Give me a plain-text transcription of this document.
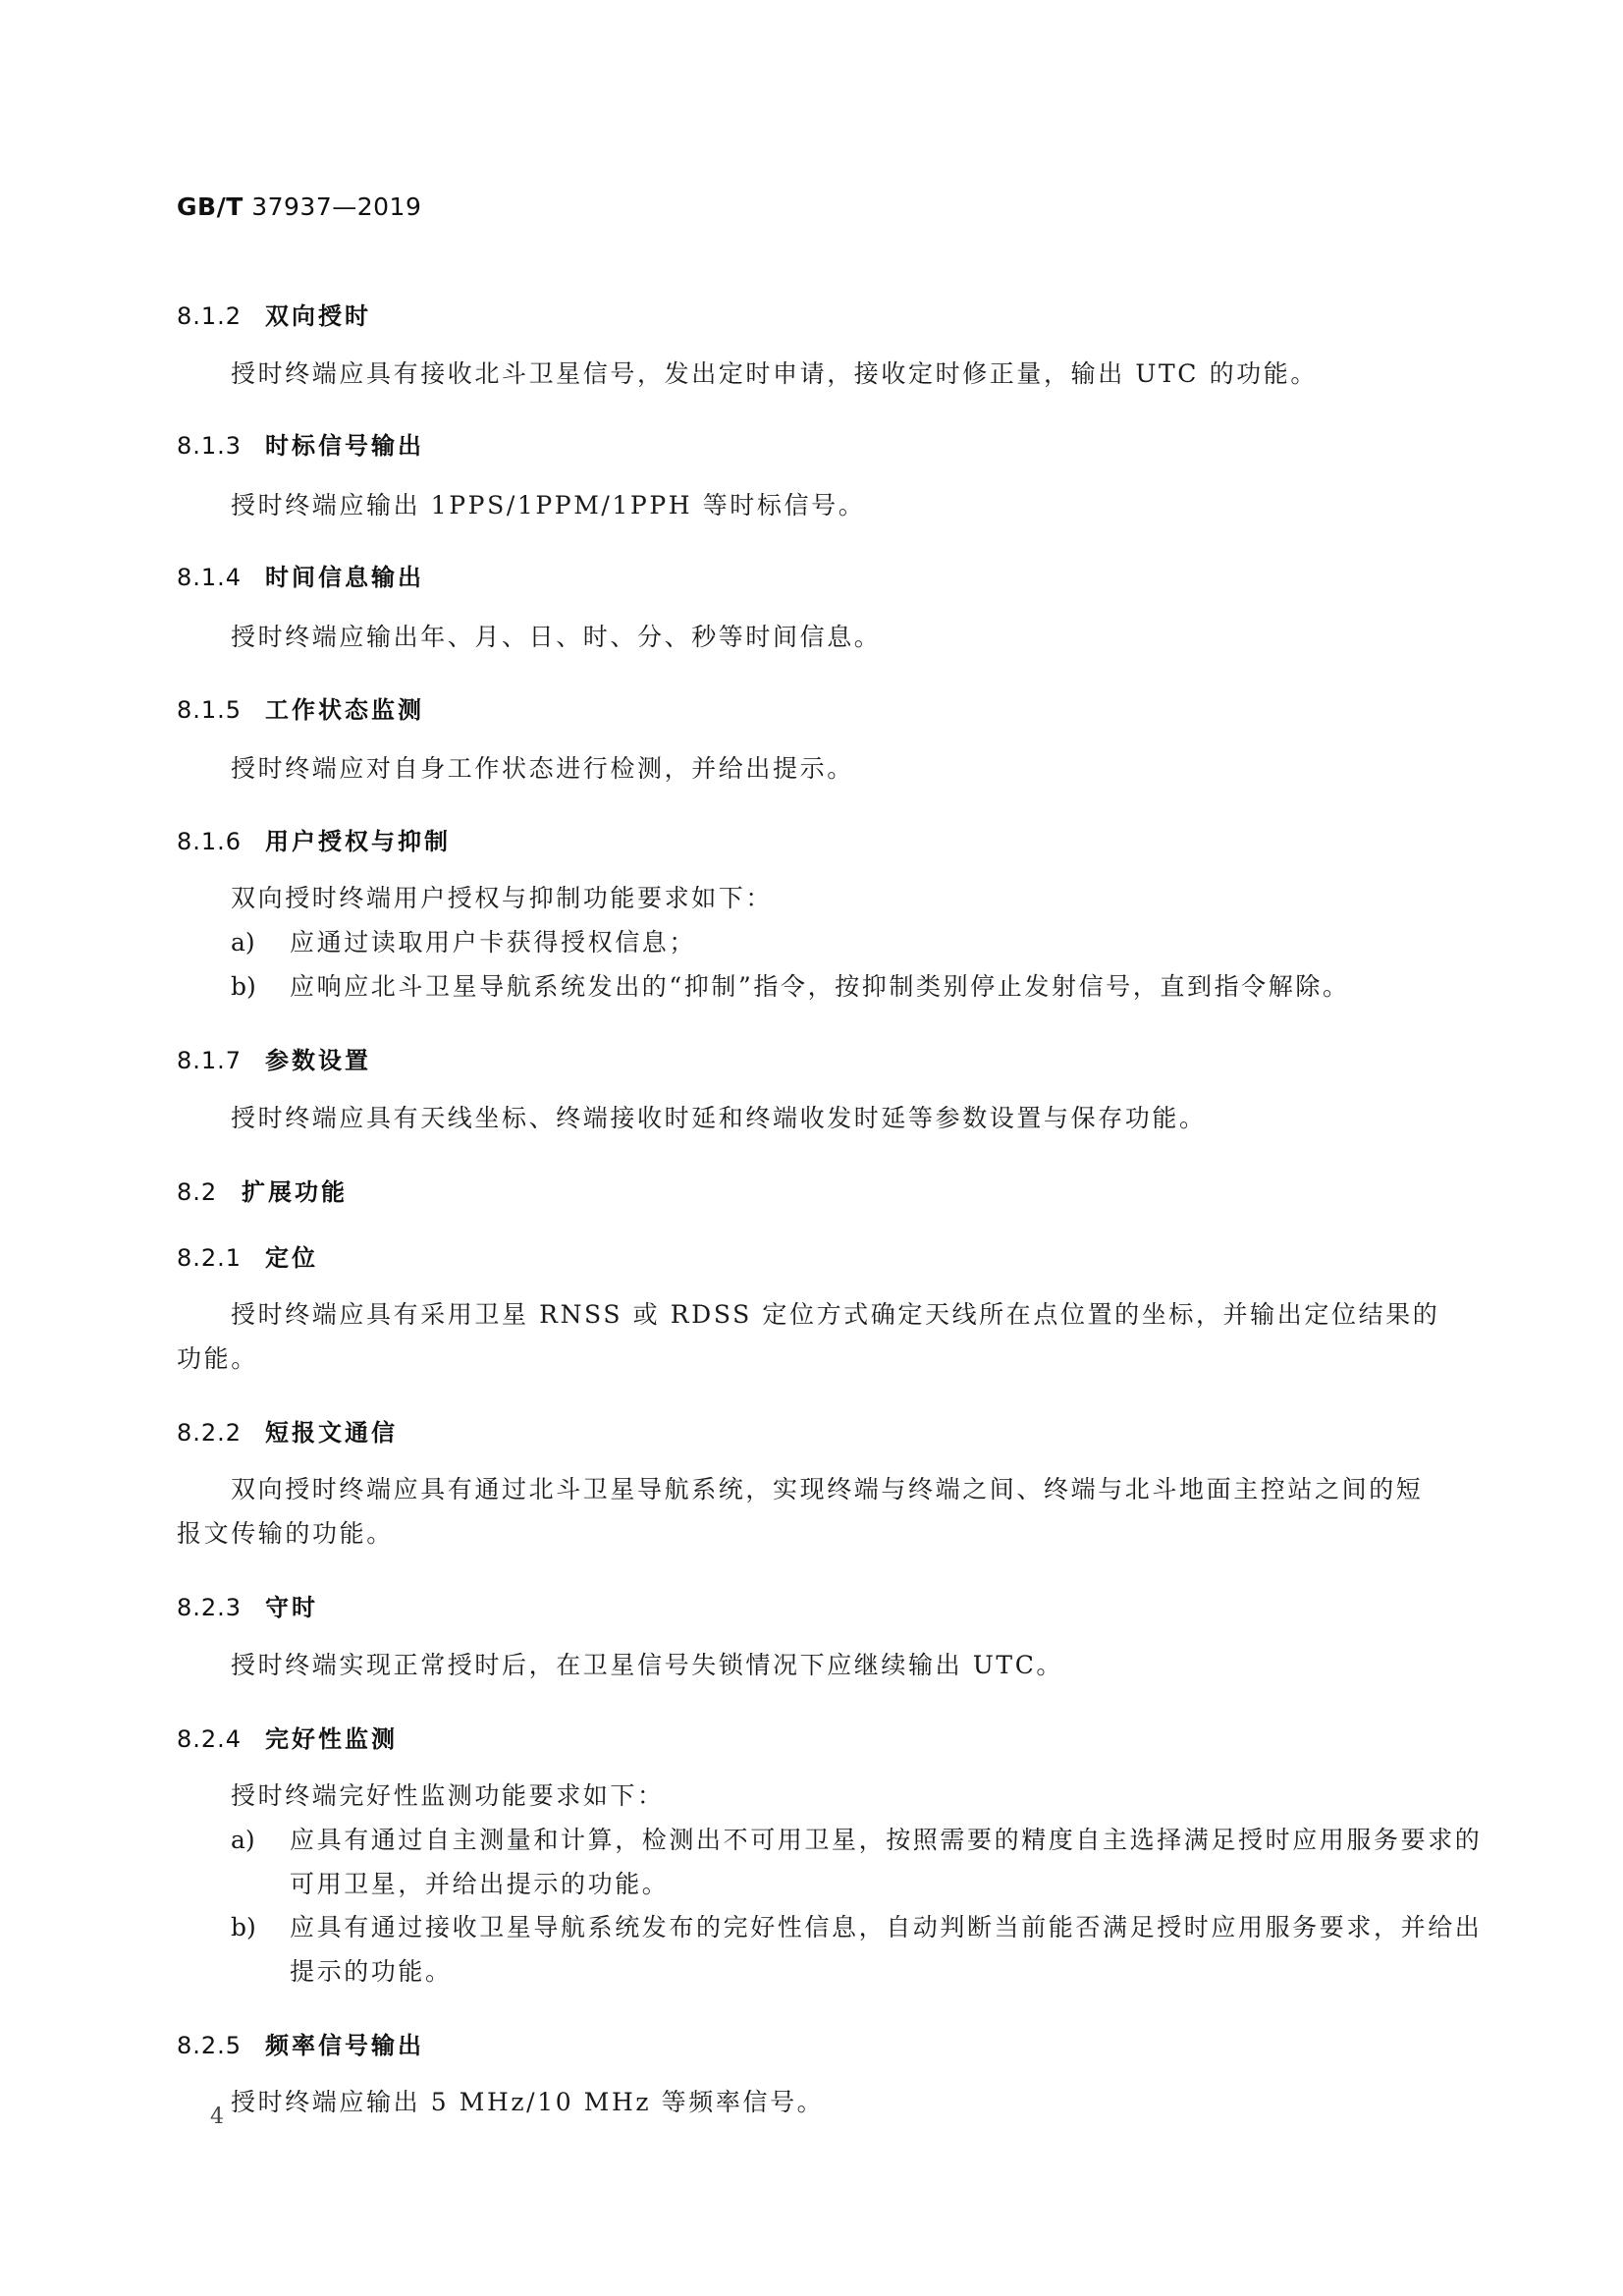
GB/T 37937—2019
8.1.2 双向授时
授时终端应具有接收北斗卫星信号，发出定时申请，接收定时修正量，输出 UTC 的功能。
8.1.3 时标信号输出
授时终端应输出 1PPS/1PPM/1PPH 等时标信号。
8.1.4 时间信息输出
授时终端应输出年、月、日、时、分、秒等时间信息。
8.1.5 工作状态监测
授时终端应对自身工作状态进行检测，并给出提示。
8.1.6 用户授权与抑制
双向授时终端用户授权与抑制功能要求如下：
a) 应通过读取用户卡获得授权信息；
b) 应响应北斗卫星导航系统发出的“抑制”指令，按抑制类别停止发射信号，直到指令解除。
8.1.7 参数设置
授时终端应具有天线坐标、终端接收时延和终端收发时延等参数设置与保存功能。
8.2 扩展功能
8.2.1 定位
授时终端应具有采用卫星 RNSS 或 RDSS 定位方式确定天线所在点位置的坐标，并输出定位结果的功能。
8.2.2 短报文通信
双向授时终端应具有通过北斗卫星导航系统，实现终端与终端之间、终端与北斗地面主控站之间的短报文传输的功能。
8.2.3 守时
授时终端实现正常授时后，在卫星信号失锁情况下应继续输出 UTC。
8.2.4 完好性监测
授时终端完好性监测功能要求如下：
a) 应具有通过自主测量和计算，检测出不可用卫星，按照需要的精度自主选择满足授时应用服务要求的可用卫星，并给出提示的功能。
b) 应具有通过接收卫星导航系统发布的完好性信息，自动判断当前能否满足授时应用服务要求，并给出提示的功能。
8.2.5 频率信号输出
授时终端应输出 5 MHz/10 MHz 等频率信号。
4
